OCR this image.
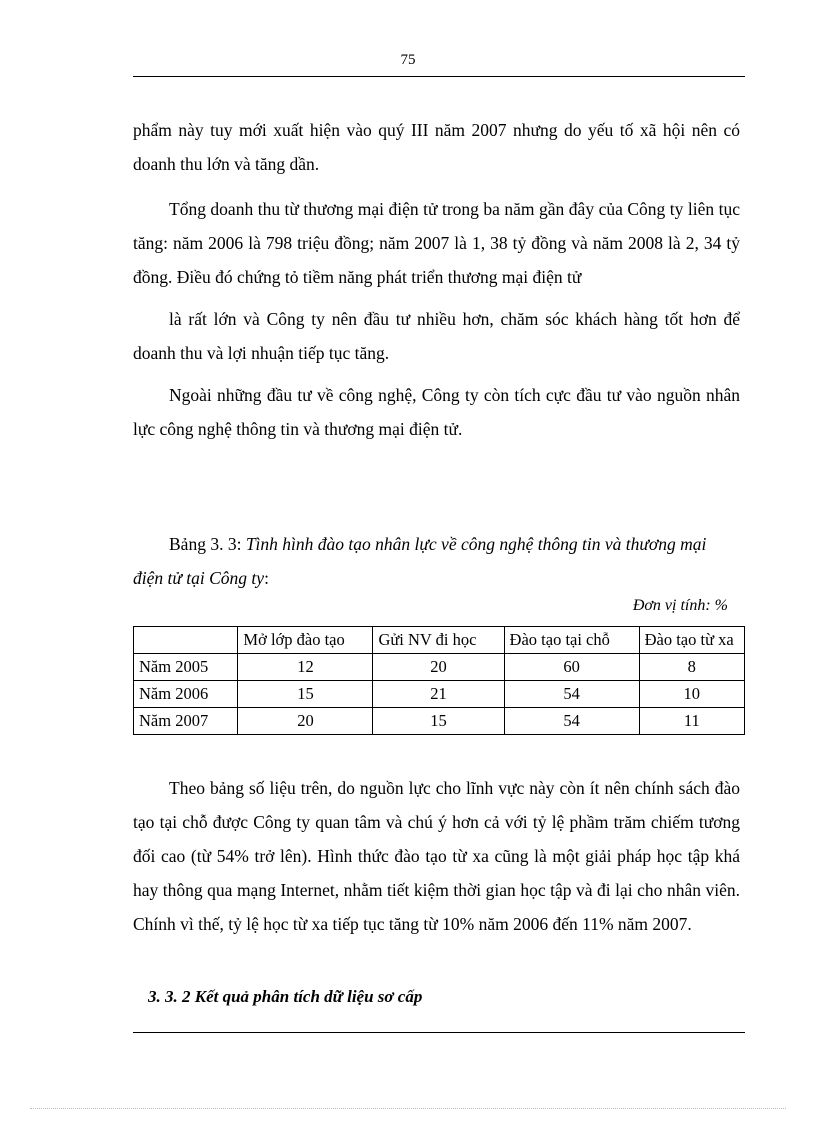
75

phẩm này tuy mới xuất hiện vào quý III năm 2007 nhưng do yếu tố xã hội nên có doanh thu lớn và tăng dần.

Tổng doanh thu từ thương mại điện tử trong ba năm gần đây của Công ty liên tục tăng: năm 2006 là 798 triệu đồng; năm 2007 là 1, 38 tỷ đồng và năm 2008 là 2, 34 tỷ đồng. Điều đó chứng tỏ tiềm năng phát triển thương mại điện tử

là rất lớn và Công ty nên đầu tư nhiều hơn, chăm sóc khách hàng tốt hơn để doanh thu và lợi nhuận tiếp tục tăng.

Ngoài những đầu tư về công nghệ, Công ty còn tích cực đầu tư vào nguồn nhân lực công nghệ thông tin và thương mại điện tử.

Bảng 3. 3: Tình hình đào tạo nhân lực về công nghệ thông tin và thương mại điện tử tại Công ty:
Đơn vị tính: %
	Mở lớp đào tạo	Gửi NV đi học	Đào tạo tại chỗ	Đào tạo từ xa
Năm 2005	12	20	60	8
Năm 2006	15	21	54	10
Năm 2007	20	15	54	11

Theo bảng số liệu trên, do nguồn lực cho lĩnh vực này còn ít nên chính sách đào tạo tại chỗ được Công ty quan tâm và chú ý hơn cả với tỷ lệ phầm trăm chiếm tương đối cao (từ 54% trở lên). Hình thức đào tạo từ xa cũng là một giải pháp học tập khá hay thông qua mạng Internet, nhằm tiết kiệm thời gian học tập và đi lại cho nhân viên. Chính vì thế, tỷ lệ học từ xa tiếp tục tăng từ 10% năm 2006 đến 11% năm 2007.

3. 3. 2 Kết quả phân tích dữ liệu sơ cấp
